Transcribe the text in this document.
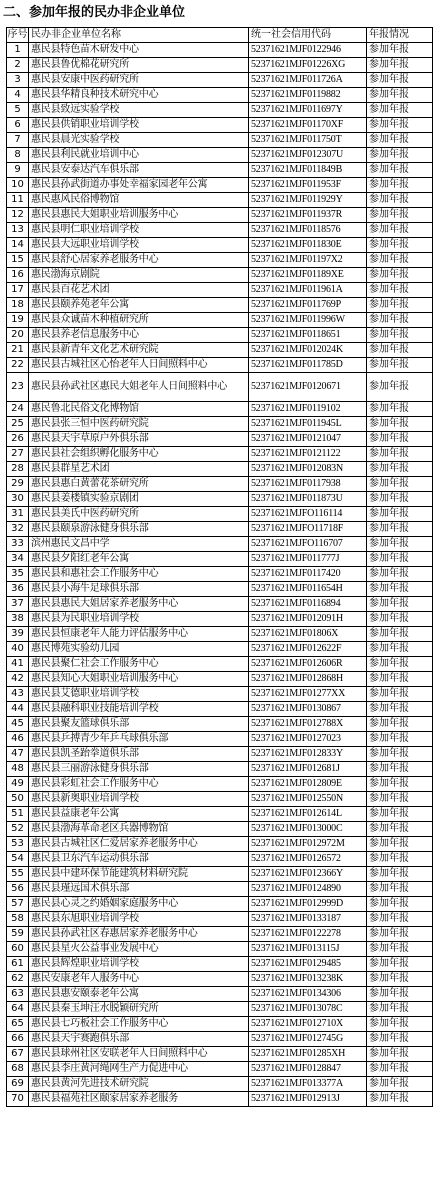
二、参加年报的民办非企业单位
序号	民办非企业单位名称	统一社会信用代码	年报情况
1	惠民县特色苗木研发中心	52371621MJF0122946	参加年报
2	惠民县鲁优棉花研究所	52371621MJF01226XG	参加年报
3	惠民县安康中医药研究所	52371621MJF011726A	参加年报
4	惠民县华精良种技术研究中心	52371621MJF0119882	参加年报
5	惠民县致远实验学校	52371621MJF011697Y	参加年报
6	惠民县供销职业培训学校	52371621MJF01170XF	参加年报
7	惠民县晨光实验学校	52371621MJF011750T	参加年报
8	惠民县利民就业培训中心	52371621MJF012307U	参加年报
9	惠民县安泰达汽车俱乐部	52371621MJF011849B	参加年报
10	惠民县孙武街道办事处幸福家园老年公寓	52371621MJF011953F	参加年报
11	惠民惠风民俗博物馆	52371621MJF011929Y	参加年报
12	惠民县惠民大姐职业培训服务中心	52371621MJF011937R	参加年报
13	惠民县明仁职业培训学校	52371621MJF0118576	参加年报
14	惠民县大远职业培训学校	52371621MJF011830E	参加年报
15	惠民县舒心居家养老服务中心	52371621MJF01197X2	参加年报
16	惠民渤海京剧院	52371621MJF01189XE	参加年报
17	惠民县百花艺术团	52371621MJF011961A	参加年报
18	惠民县颐养苑老年公寓	52371621MJF011769P	参加年报
19	惠民县众诚苗木种植研究所	52371621MJF011996W	参加年报
20	惠民县养老信息服务中心	52371621MJF0118651	参加年报
21	惠民县新青年文化艺术研究院	52371621MJF012024K	参加年报
22	惠民县古城社区心怡老年人日间照料中心	52371621MJF011785D	参加年报
23	惠民县孙武社区惠民大姐老年人日间照料中心	52371621MJF0120671	参加年报
24	惠民鲁北民俗文化博物馆	52371621MJF0119102	参加年报
25	惠民县张三恒中医药研究院	52371621MJF011945L	参加年报
26	惠民县天宇草原户外俱乐部	52371621MJF0121047	参加年报
27	惠民县社会组织孵化服务中心	52371621MJF0121122	参加年报
28	惠民县群星艺术团	52371621MJF012083N	参加年报
29	惠民县惠白黄蕾花茶研究所	52371621MJF0117938	参加年报
30	惠民县姜楼镇实验京剧团	52371621MJF011873U	参加年报
31	惠民县美氏中医药研究所	52371621MJFO116114	参加年报
32	惠民县颐泉游泳健身俱乐部	52371621MJFO11718F	参加年报
33	滨州惠民文昌中学	52371621MJFO116707	参加年报
34	惠民县夕阳红老年公寓	52371621MJF011777J	参加年报
35	惠民县和惠社会工作服务中心	52371621MJF0117420	参加年报
36	惠民县小海牛足球俱乐部	52371621MJF011654H	参加年报
37	惠民县惠民大姐居家养老服务中心	52371621MJF0116894	参加年报
38	惠民县为民职业培训学校	52371621MJF012091H	参加年报
39	惠民县恒康老年人能力评估服务中心	52371621MJF01806X	参加年报
40	惠民博苑实验幼儿园	52371621MJF012622F	参加年报
41	惠民县聚仁社会工作服务中心	52371621MJF012606R	参加年报
42	惠民县知心大姐职业培训服务中心	52371621MJF012868H	参加年报
43	惠民县艾德职业培训学校	52371621MJF01277XX	参加年报
44	惠民县融科职业技能培训学校	52371621MJF0130867	参加年报
45	惠民县聚友篮球俱乐部	52371621MJF012788X	参加年报
46	惠民县乒搏青少年乒乓球俱乐部	52371621MJF0127023	参加年报
47	惠民县凯圣跆拳道俱乐部	52371621MJF012833Y	参加年报
48	惠民县三丽游泳健身俱乐部	52371621MJF012681J	参加年报
49	惠民县彩虹社会工作服务中心	52371621MJF012809E	参加年报
50	惠民县新奥职业培训学校	52371621MJF012550N	参加年报
51	惠民县益康老年公寓	52371621MJF012614L	参加年报
52	惠民县渤海革命老区兵器博物馆	52371621MJF013000C	参加年报
53	惠民县古城社区仁爱居家养老服务中心	52371621MJF012972M	参加年报
54	惠民县卫东汽车运动俱乐部	52371621MJF0126572	参加年报
55	惠民县中建环保节能建筑材料研究院	52371621MJF012366Y	参加年报
56	惠民县瑾远国术俱乐部	52371621MJF0124890	参加年报
57	惠民县心灵之约婚姻家庭服务中心	52371621MJF012999D	参加年报
58	惠民县东旭职业培训学校	52371621MJF0133187	参加年报
59	惠民县孙武社区春惠居家养老服务中心	52371621MJF0122278	参加年报
60	惠民县星火公益事业发展中心	52371621MJF013115J	参加年报
61	惠民县辉煌职业培训学校	52371621MJF0129485	参加年报
62	惠民安康老年人服务中心	52371621MJF013238K	参加年报
63	惠民县惠安颐泰老年公寓	52371621MJF0134306	参加年报
64	惠民县秦玉坤汪水脱颖研究所	52371621MJF013078C	参加年报
65	惠民县七巧板社会工作服务中心	52371621MJF012710X	参加年报
66	惠民县天宇赛跑俱乐部	52371621MJF012745G	参加年报
67	惠民县球州社区安联老年人日间照料中心	52371621MJF01285XH	参加年报
68	惠民县李庄黄河绳网生产力促进中心	52371621MJF0128847	参加年报
69	惠民县黄河先进技术研究院	52371621MJF013377A	参加年报
70	惠民县福苑社区颐家居家养老服务	52371621MJF012913J	参加年报
